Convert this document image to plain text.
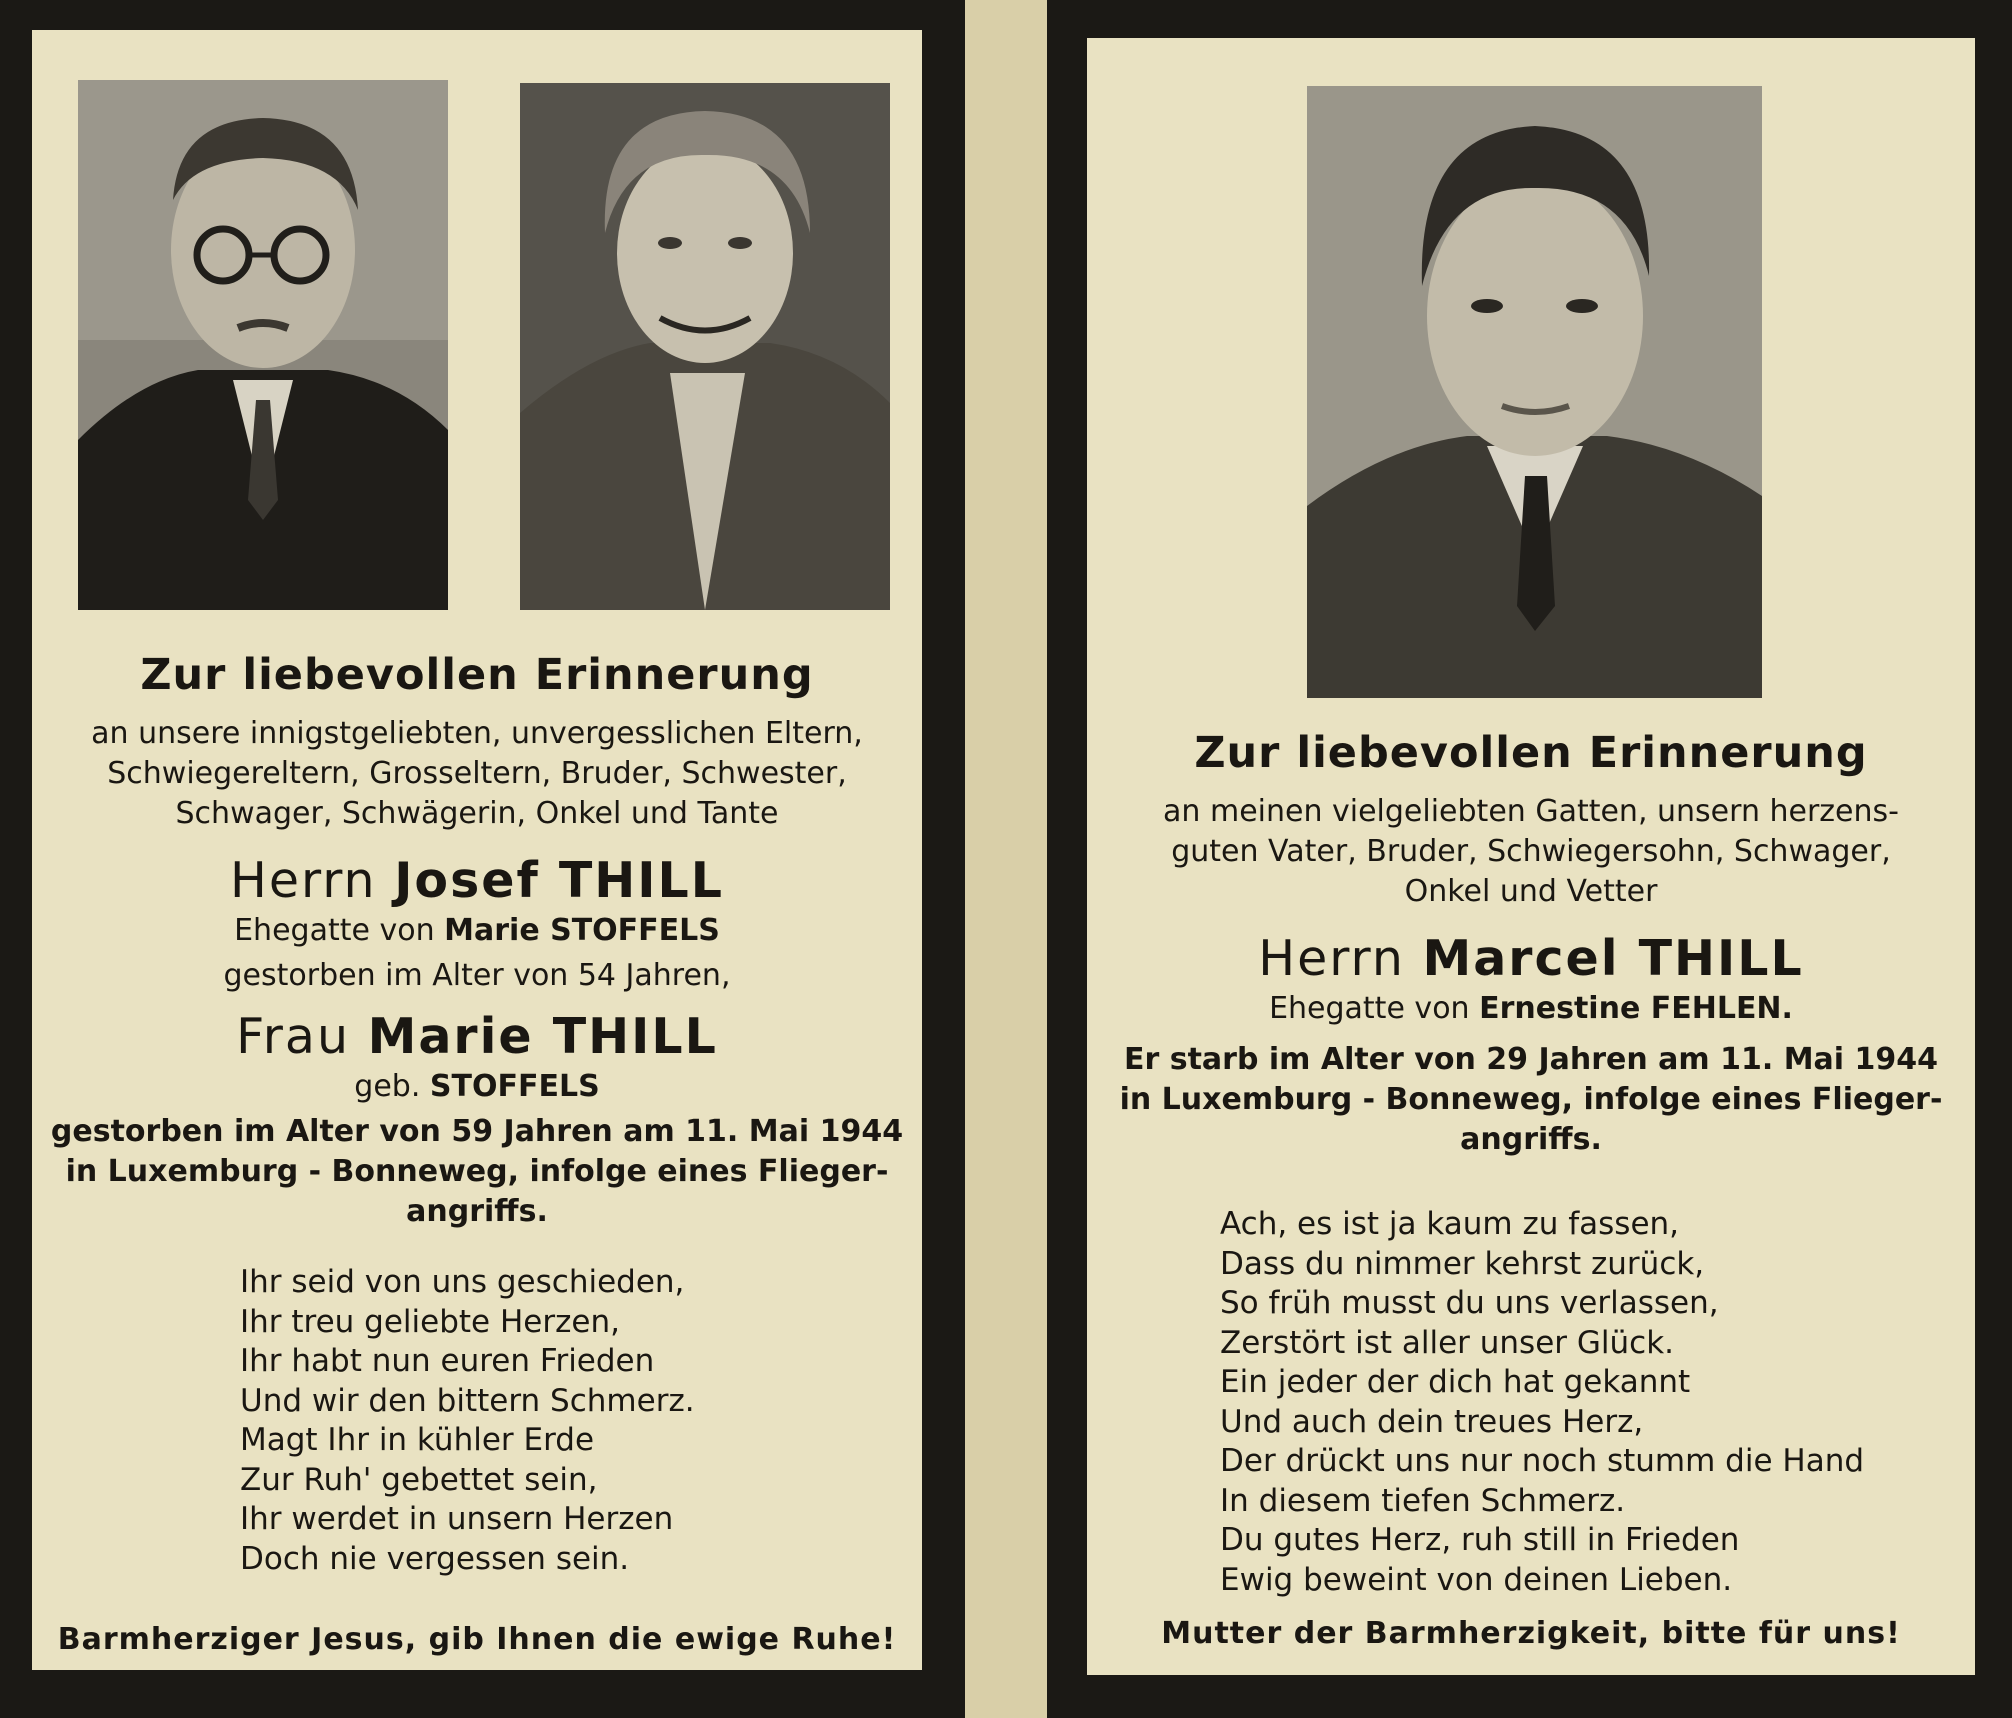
Zur liebevollen Erinnerung

an unsere innigstgeliebten, unvergesslichen Eltern,
Schwiegereltern, Grosseltern, Bruder, Schwester,
Schwager, Schwägerin, Onkel und Tante

Herrn Josef THILL

Ehegatte von Marie STOFFELS

gestorben im Alter von 54 Jahren,

Frau Marie THILL

geb. STOFFELS

gestorben im Alter von 59 Jahren am 11. Mai 1944
in Luxemburg - Bonneweg, infolge eines Flieger-
angriffs.

Ihr seid von uns geschieden,
Ihr treu geliebte Herzen,
Ihr habt nun euren Frieden
Und wir den bittern Schmerz.
Magt Ihr in kühler Erde
Zur Ruh' gebettet sein,
Ihr werdet in unsern Herzen
Doch nie vergessen sein.
Barmherziger Jesus, gib Ihnen die ewige Ruhe!

Zur liebevollen Erinnerung

an meinen vielgeliebten Gatten, unsern herzens-
guten Vater, Bruder, Schwiegersohn, Schwager,
Onkel und Vetter

Herrn Marcel THILL

Ehegatte von Ernestine FEHLEN.

Er starb im Alter von 29 Jahren am 11. Mai 1944
in Luxemburg - Bonneweg, infolge eines Flieger-
angriffs.

Ach, es ist ja kaum zu fassen,
Dass du nimmer kehrst zurück,
So früh musst du uns verlassen,
Zerstört ist aller unser Glück.
Ein jeder der dich hat gekannt
Und auch dein treues Herz,
Der drückt uns nur noch stumm die Hand
In diesem tiefen Schmerz.
Du gutes Herz, ruh still in Frieden
Ewig beweint von deinen Lieben.
Mutter der Barmherzigkeit, bitte für uns!
